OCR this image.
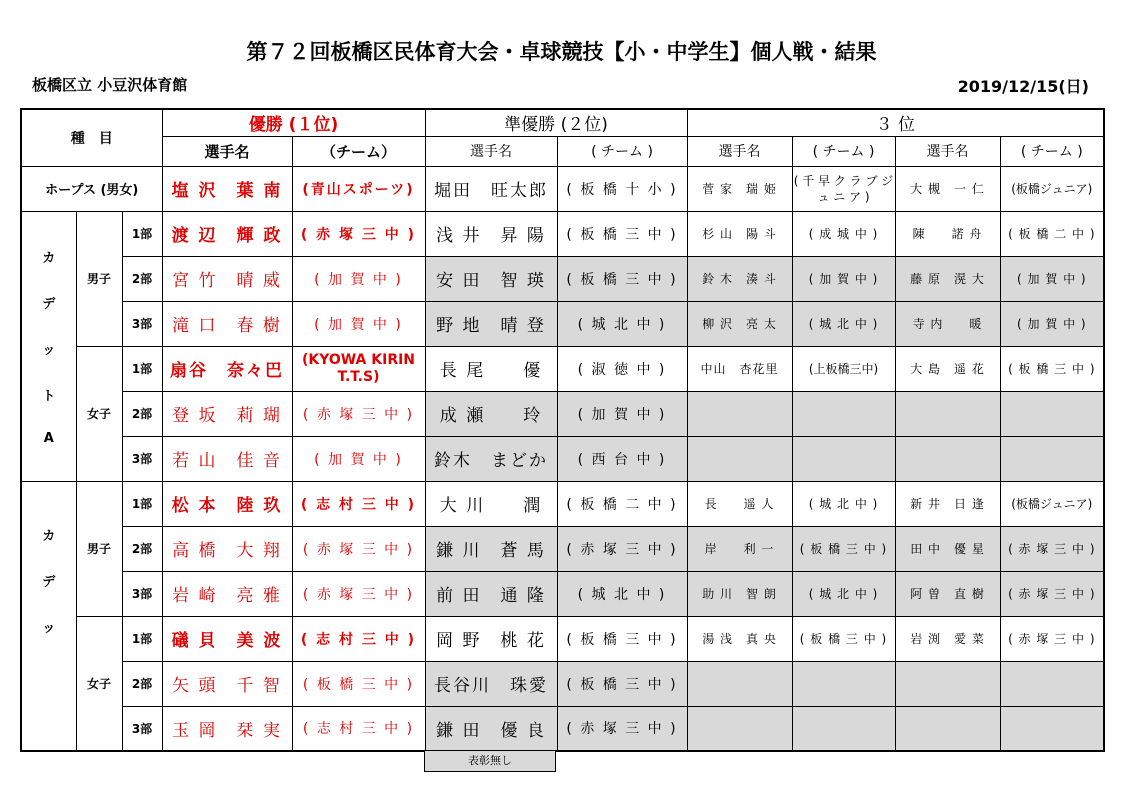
第７２回板橋区民体育大会・卓球競技【小・中学生】個人戦・結果
板橋区立 小豆沢体育館	2019/12/15(日)
種　目			優勝 (１位)		準優勝 (２位)		３ 位			
			選手名	（チーム）	選手名	( チーム )	選手名	( チーム )	選手名	( チーム )
ホープス (男女)			塩 沢　葉 南	(青山スポーツ)	堀田　旺太郎	( 板 橋 十 小 )	菅 家　瑞 姫	( 千 早 ク ラ ブ ジ ュ ニ ア )	大 槻　一 仁	(板橋ジュニア)

カ
デ
ッ
ト
A	男子	1部	渡 辺　輝 政	( 赤 塚 三 中 )	浅 井　昇 陽	( 板 橋 三 中 )	杉 山　陽 斗	( 成 城 中 )	陳　　諾 舟	( 板 橋 二 中 )
		2部	宮 竹　晴 威	( 加 賀 中 )	安 田　智 瑛	( 板 橋 三 中 )	鈴 木　湊 斗	( 加 賀 中 )	藤 原　滉 大	( 加 賀 中 )
		3部	滝 口　春 樹	( 加 賀 中 )	野 地　晴 登	( 城 北 中 )	柳 沢　亮 太	( 城 北 中 )	寺 内　　暖	( 加 賀 中 )
	女子	1部	扇谷　奈々巴	(KYOWA KIRIN T.T.S)	長 尾　　優	( 淑 徳 中 )	中山　杏花里	(上板橋三中)	大 島　遥 花	( 板 橋 三 中 )
		2部	登 坂　莉 瑚	( 赤 塚 三 中 )	成 瀬　　玲	( 加 賀 中 )				
		3部	若 山　佳 音	( 加 賀 中 )	鈴木　まどか	( 西 台 中 )				

カ
デ
ッ	男子	1部	松 本　陸 玖	( 志 村 三 中 )	大 川　　潤	( 板 橋 二 中 )	長　　遥 人	( 城 北 中 )	新 井　日 逢	(板橋ジュニア)
		2部	高 橋　大 翔	( 赤 塚 三 中 )	鎌 川　蒼 馬	( 赤 塚 三 中 )	岸　　利 一	( 板 橋 三 中 )	田 中　優 星	( 赤 塚 三 中 )
		3部	岩 崎　亮 雅	( 赤 塚 三 中 )	前 田　通 隆	( 城 北 中 )	助 川　智 朗	( 城 北 中 )	阿 曽　直 樹	( 赤 塚 三 中 )
	女子	1部	礒 貝　美 波	( 志 村 三 中 )	岡 野　桃 花	( 板 橋 三 中 )	湯 浅　真 央	( 板 橋 三 中 )	岩 渕　愛 菜	( 赤 塚 三 中 )
		2部	矢 頭　千 智	( 板 橋 三 中 )	長谷川　珠愛	( 板 橋 三 中 )				
		3部	玉 岡　栞 実	( 志 村 三 中 )	鎌 田　優 良	( 赤 塚 三 中 )				
表彰無し
